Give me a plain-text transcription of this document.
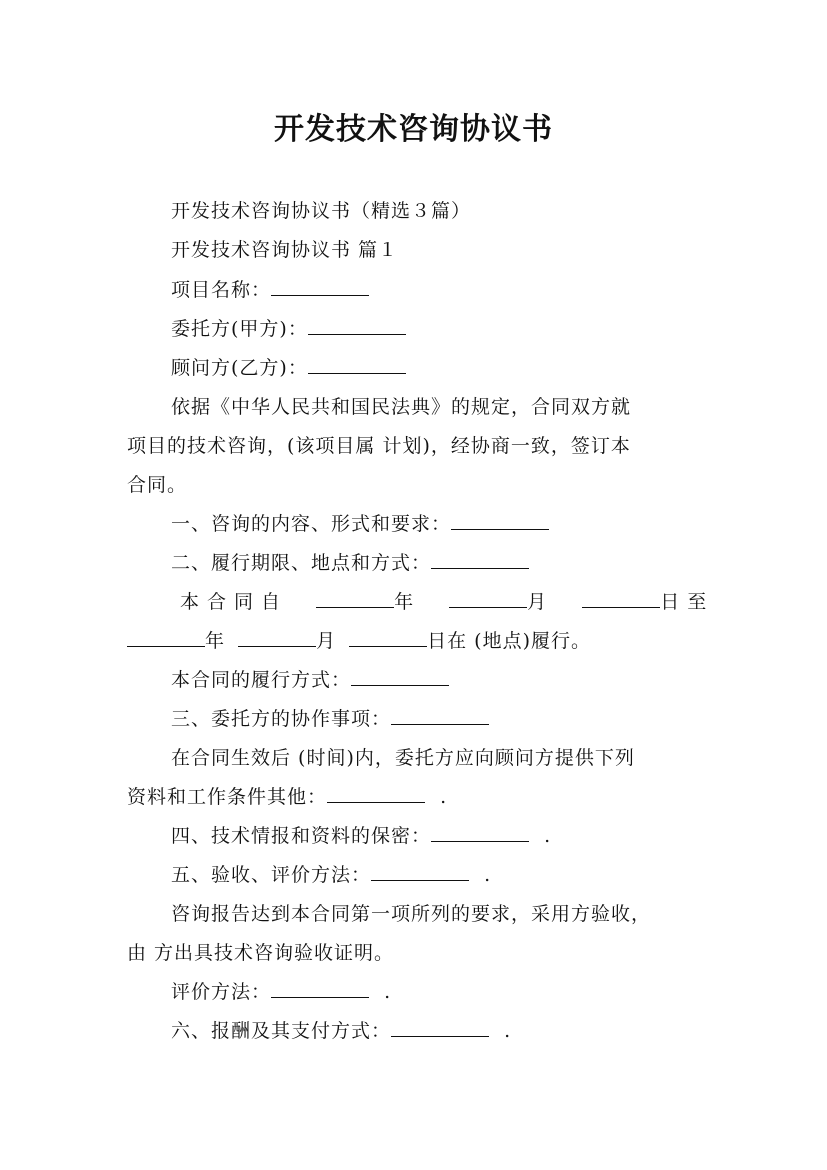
开发技术咨询协议书
开发技术咨询协议书（精选３篇）
开发技术咨询协议书 篇１
项目名称：
委托方(甲方)：
顾问方(乙方)：
依据《中华人民共和国民法典》的规定，合同双方就
项目的技术咨询，(该项目属 计划)，经协商一致，签订本
合同。
一、咨询的内容、形式和要求：
二、履行期限、地点和方式：
本合同自	年	月	日至
年	月	日在 (地点)履行。
本合同的履行方式：
三、委托方的协作事项：
在合同生效后 (时间)内，委托方应向顾问方提供下列
资料和工作条件其他：	.
四、技术情报和资料的保密：	.
五、验收、评价方法：	.
咨询报告达到本合同第一项所列的要求，采用方验收，
由 方出具技术咨询验收证明。
评价方法：	.
六、报酬及其支付方式：	.
